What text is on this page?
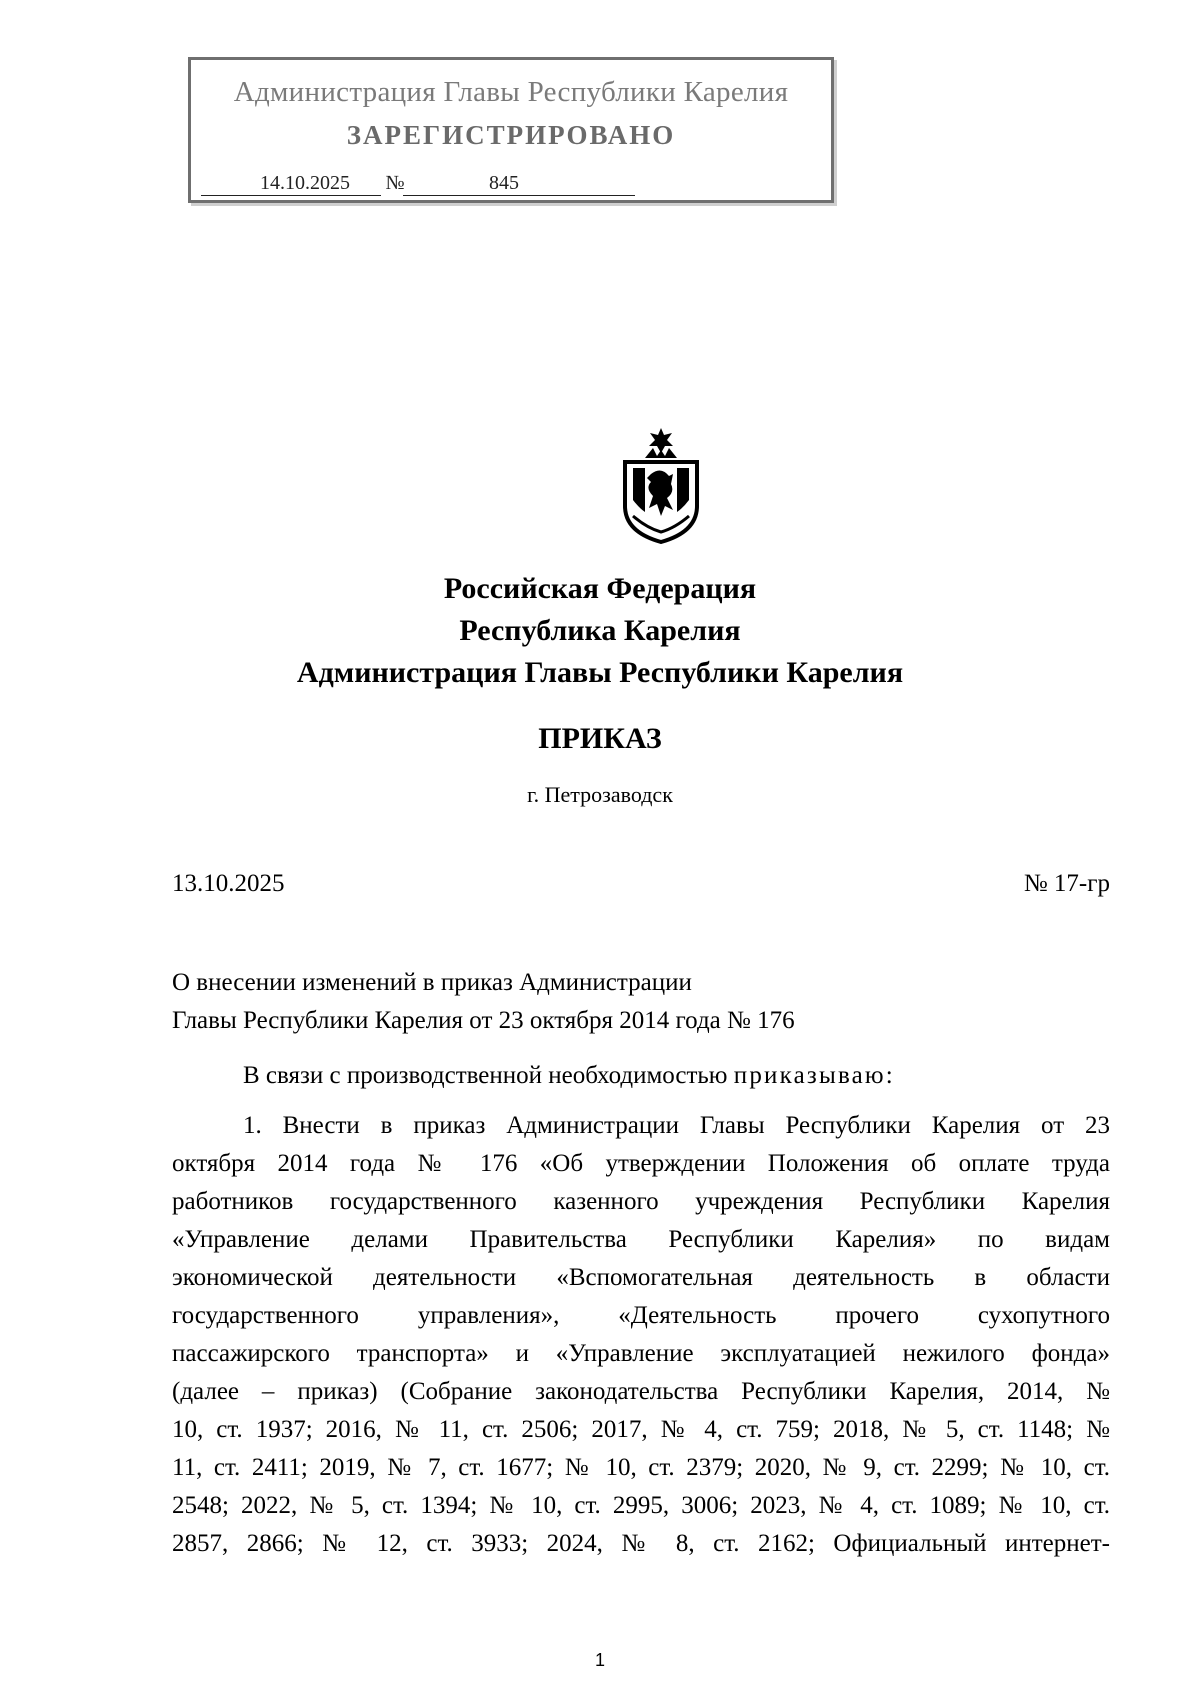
Администрация Главы Республики Карелия
ЗАРЕГИСТРИРОВАНО
14.10.2025	№	845
Российская Федерация
Республика Карелия
Администрация Главы Республики Карелия
ПРИКАЗ
г. Петрозаводск
13.10.2025	№ 17-гр
О внесении изменений в приказ Администрации
Главы Республики Карелия от 23 октября 2014 года № 176
В связи с производственной необходимостью приказываю:
1. Внести в приказ Администрации Главы Республики Карелия от 23
октября 2014 года № 176 «Об утверждении Положения об оплате труда
работников государственного казенного учреждения Республики Карелия
«Управление делами Правительства Республики Карелия» по видам
экономической деятельности «Вспомогательная деятельность в области
государственного управления», «Деятельность прочего сухопутного
пассажирского транспорта» и «Управление эксплуатацией нежилого фонда»
(далее – приказ) (Собрание законодательства Республики Карелия, 2014, №
10, ст. 1937; 2016, № 11, ст. 2506; 2017, № 4, ст. 759; 2018, № 5, ст. 1148; №
11, ст. 2411; 2019, № 7, ст. 1677; № 10, ст. 2379; 2020, № 9, ст. 2299; № 10, ст.
2548; 2022, № 5, ст. 1394; № 10, ст. 2995, 3006; 2023, № 4, ст. 1089; № 10, ст.
2857, 2866; № 12, ст. 3933; 2024, № 8, ст. 2162; Официальный интернет-
1
